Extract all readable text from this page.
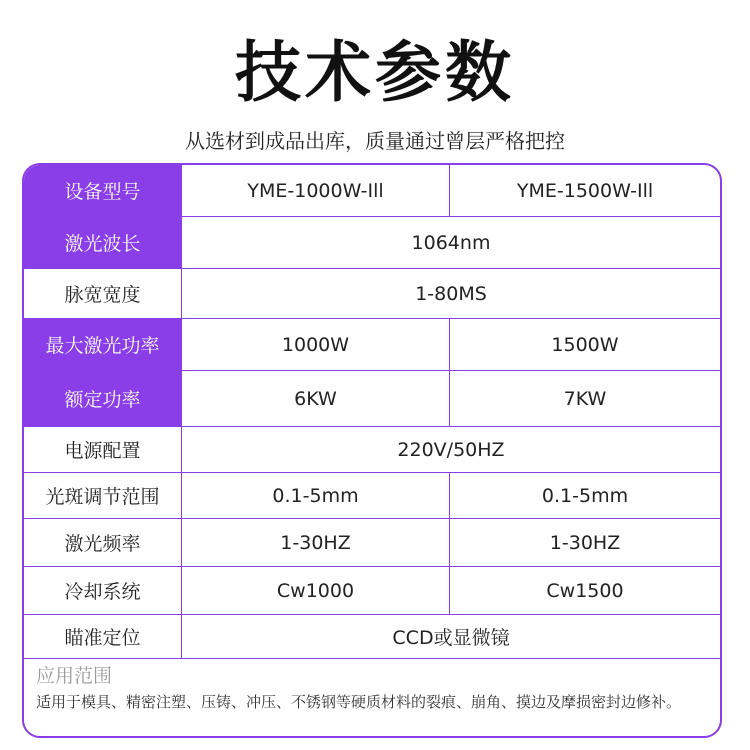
技术参数
从选材到成品出库，质量通过曾层严格把控
设备型号	YME-1000W-Ill	YME-1500W-Ill
激光波长	1064nm
脉宽宽度	1-80MS
最大激光功率	1000W	1500W
额定功率	6KW	7KW
电源配置	220V/50HZ
光斑调节范围	0.1-5mm	0.1-5mm
激光频率	1-30HZ	1-30HZ
冷却系统	Cw1000	Cw1500
瞄准定位	CCD或显微镜
应用范围
适用于模具、精密注塑、压铸、冲压、不锈钢等硬质材料的裂痕、崩角、摸边及摩损密封边修补。
